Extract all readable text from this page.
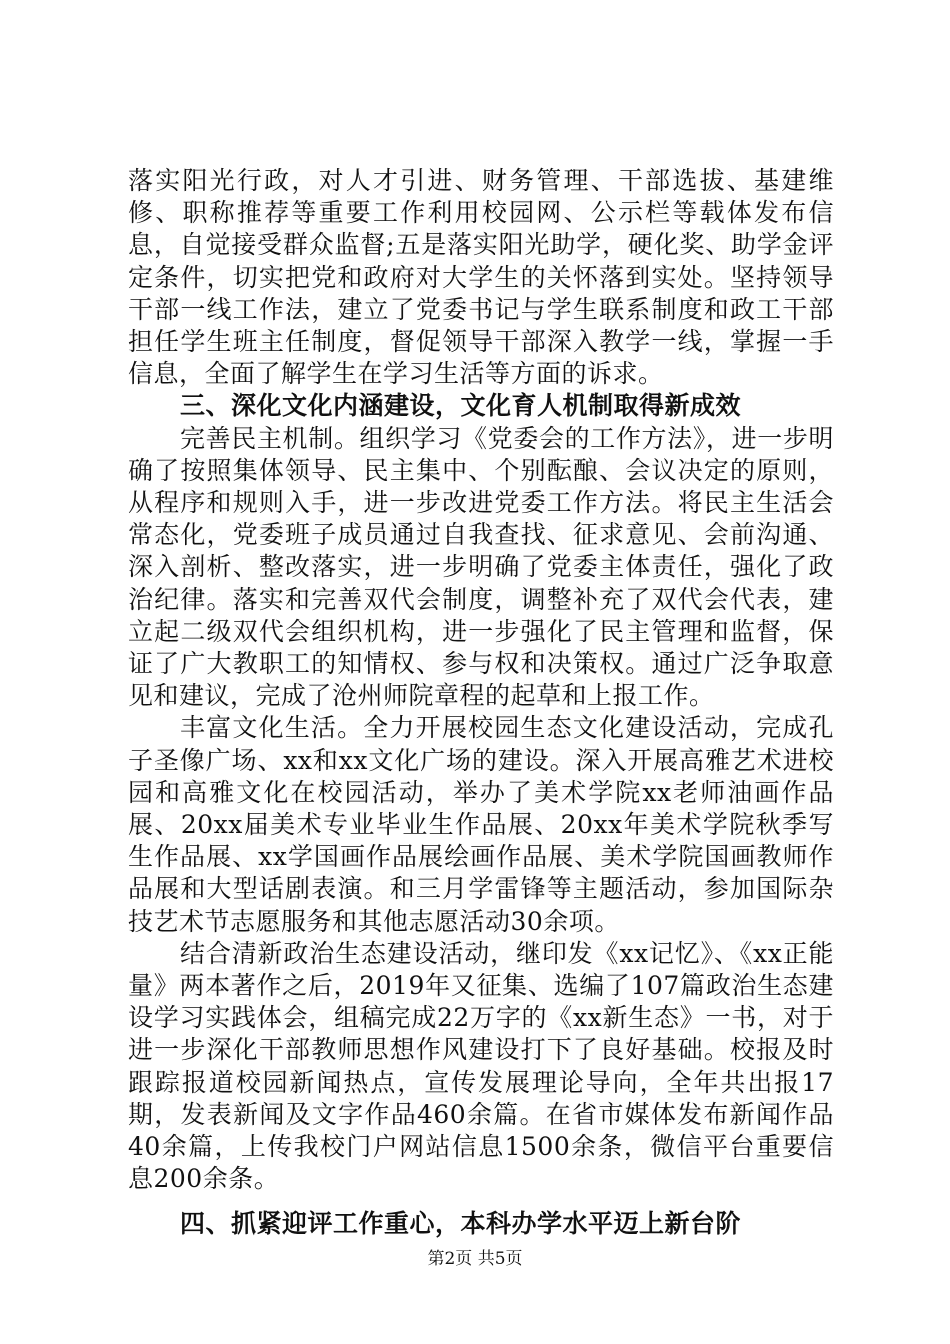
落实阳光行政，对人才引进、财务管理、干部选拔、基建维修、职称推荐等重要工作利用校园网、公示栏等载体发布信息，自觉接受群众监督;五是落实阳光助学，硬化奖、助学金评定条件，切实把党和政府对大学生的关怀落到实处。坚持领导干部一线工作法，建立了党委书记与学生联系制度和政工干部担任学生班主任制度，督促领导干部深入教学一线，掌握一手信息，全面了解学生在学习生活等方面的诉求。

三、深化文化内涵建设，文化育人机制取得新成效

完善民主机制。组织学习《党委会的工作方法》，进一步明确了按照集体领导、民主集中、个别酝酿、会议决定的原则，从程序和规则入手，进一步改进党委工作方法。将民主生活会常态化，党委班子成员通过自我查找、征求意见、会前沟通、深入剖析、整改落实，进一步明确了党委主体责任，强化了政治纪律。落实和完善双代会制度，调整补充了双代会代表，建立起二级双代会组织机构，进一步强化了民主管理和监督，保证了广大教职工的知情权、参与权和决策权。通过广泛争取意见和建议，完成了沧州师院章程的起草和上报工作。

丰富文化生活。全力开展校园生态文化建设活动，完成孔子圣像广场、xx和xx文化广场的建设。深入开展高雅艺术进校园和高雅文化在校园活动，举办了美术学院xx老师油画作品展、20xx届美术专业毕业生作品展、20xx年美术学院秋季写生作品展、xx学国画作品展绘画作品展、美术学院国画教师作品展和大型话剧表演。和三月学雷锋等主题活动，参加国际杂技艺术节志愿服务和其他志愿活动30余项。

结合清新政治生态建设活动，继印发《xx记忆》、《xx正能量》两本著作之后，2019年又征集、选编了107篇政治生态建设学习实践体会，组稿完成22万字的《xx新生态》一书，对于进一步深化干部教师思想作风建设打下了良好基础。校报及时跟踪报道校园新闻热点，宣传发展理论导向，全年共出报17期，发表新闻及文字作品460余篇。在省市媒体发布新闻作品40余篇，上传我校门户网站信息1500余条，微信平台重要信息200余条。

四、抓紧迎评工作重心，本科办学水平迈上新台阶

第2页 共5页
